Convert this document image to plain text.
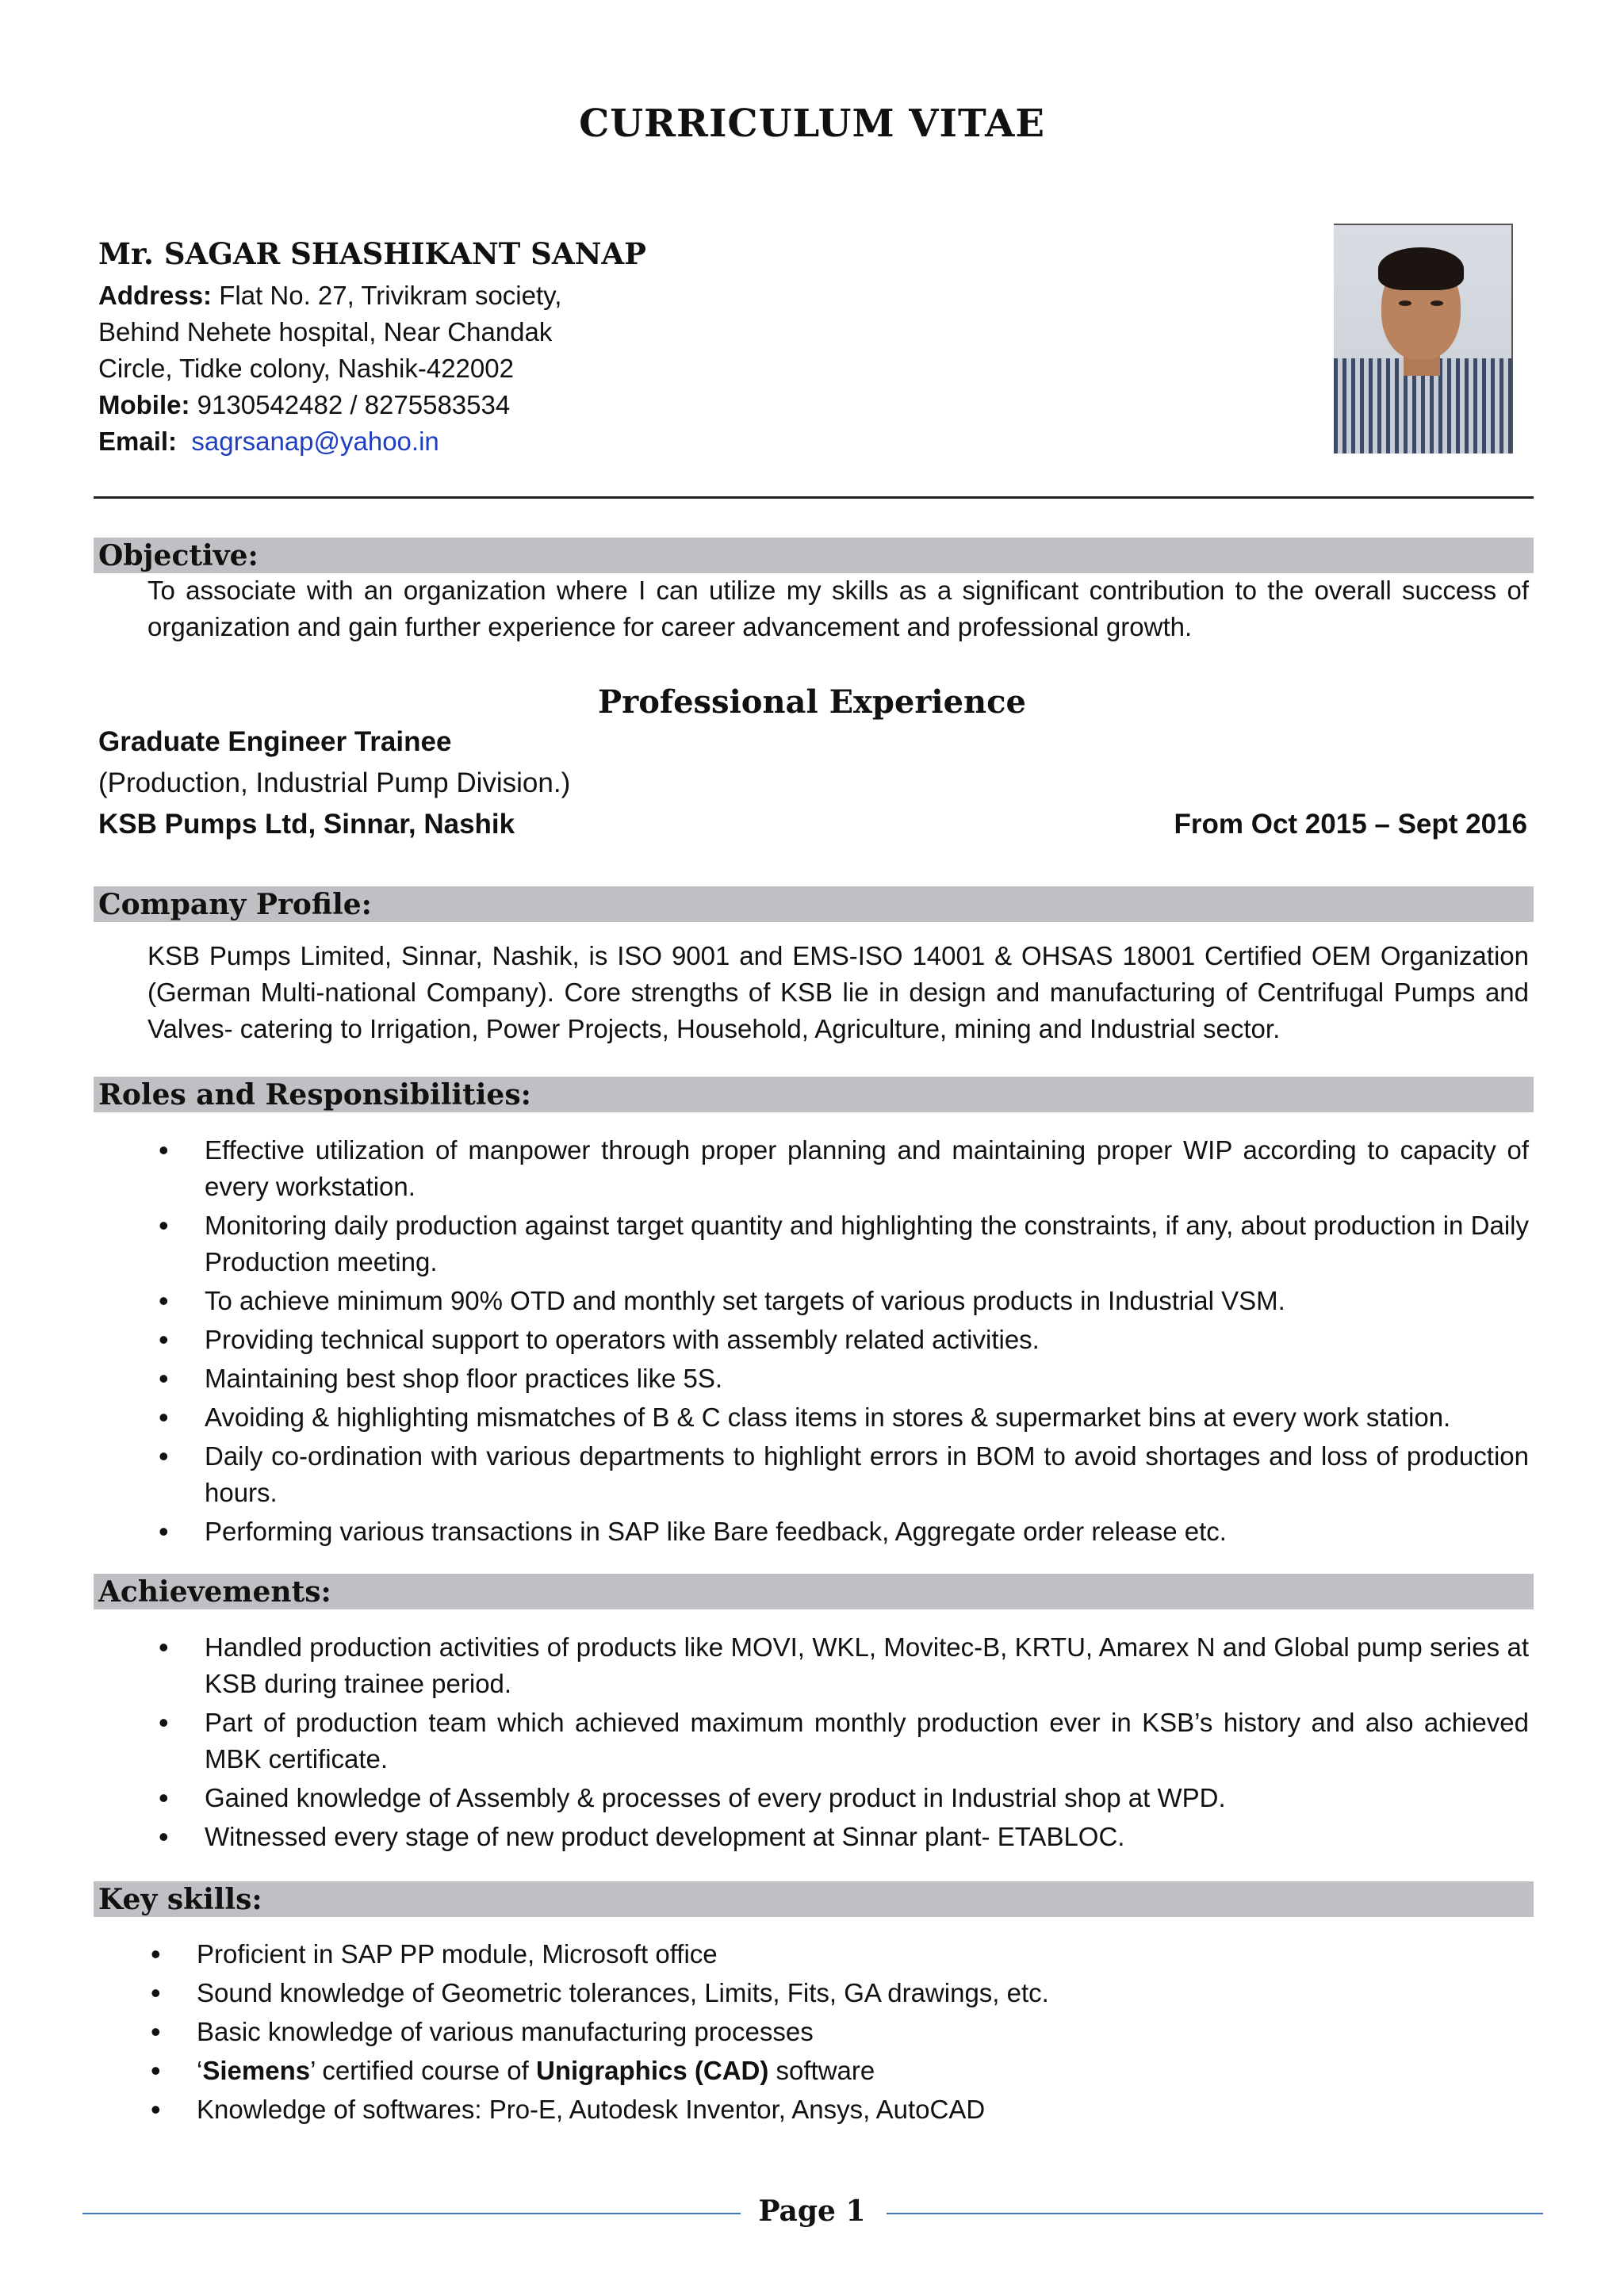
CURRICULUM VITAE
Mr. SAGAR SHASHIKANT SANAP
Address: Flat No. 27, Trivikram society,
Behind Nehete hospital, Near Chandak
Circle, Tidke colony, Nashik-422002
Mobile: 9130542482 / 8275583534
Email: sagrsanap@yahoo.in
Objective:
To associate with an organization where I can utilize my skills as a significant contribution to the overall success of organization and gain further experience for career advancement and professional growth.
Professional Experience
Graduate Engineer Trainee
(Production, Industrial Pump Division.)
KSB Pumps Ltd, Sinnar, Nashik	From Oct 2015 – Sept 2016
Company Profile:
KSB Pumps Limited, Sinnar, Nashik, is ISO 9001 and EMS-ISO 14001 & OHSAS 18001 Certified OEM Organization (German Multi-national Company). Core strengths of KSB lie in design and manufacturing of Centrifugal Pumps and Valves- catering to Irrigation, Power Projects, Household, Agriculture, mining and Industrial sector.
Roles and Responsibilities:
• Effective utilization of manpower through proper planning and maintaining proper WIP according to capacity of every workstation.
• Monitoring daily production against target quantity and highlighting the constraints, if any, about production in Daily Production meeting.
• To achieve minimum 90% OTD and monthly set targets of various products in Industrial VSM.
• Providing technical support to operators with assembly related activities.
• Maintaining best shop floor practices like 5S.
• Avoiding & highlighting mismatches of B & C class items in stores & supermarket bins at every work station.
• Daily co-ordination with various departments to highlight errors in BOM to avoid shortages and loss of production hours.
• Performing various transactions in SAP like Bare feedback, Aggregate order release etc.
Achievements:
• Handled production activities of products like MOVI, WKL, Movitec-B, KRTU, Amarex N and Global pump series at KSB during trainee period.
• Part of production team which achieved maximum monthly production ever in KSB’s history and also achieved MBK certificate.
• Gained knowledge of Assembly & processes of every product in Industrial shop at WPD.
• Witnessed every stage of new product development at Sinnar plant- ETABLOC.
Key skills:
• Proficient in SAP PP module, Microsoft office
• Sound knowledge of Geometric tolerances, Limits, Fits, GA drawings, etc.
• Basic knowledge of various manufacturing processes
• ‘Siemens’ certified course of Unigraphics (CAD) software
• Knowledge of softwares: Pro-E, Autodesk Inventor, Ansys, AutoCAD
Page 1
